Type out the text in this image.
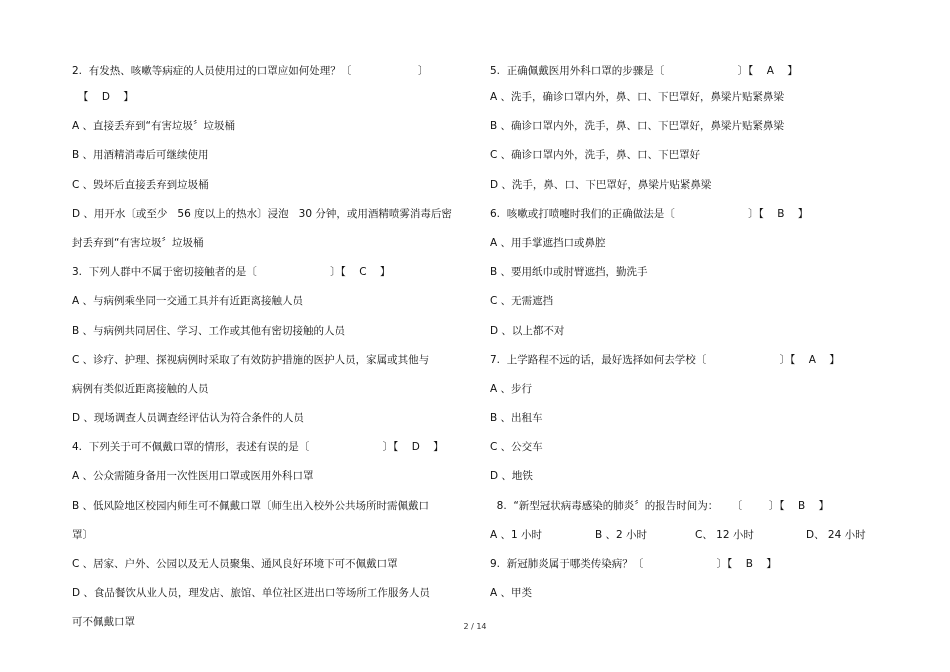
2.  有发热、咳嗽等病症的人员使用过的口罩应如何处理？〔                    〕
【    D    】
A 、直接丢弃到“有害垃圾〞垃圾桶
B 、用酒精消毒后可继续使用
C 、毁坏后直接丢弃到垃圾桶
D 、用开水〔或至少   56 度以上的热水〕浸泡   30 分钟，或用酒精喷雾消毒后密
封丢弃到“有害垃圾〞垃圾桶
3.  下列人群中不属于密切接触者的是〔                      〕【    C    】
A 、与病例乘坐同一交通工具并有近距离接触人员
B 、与病例共同居住、学习、工作或其他有密切接触的人员
C 、诊疗、护理、探视病例时采取了有效防护措施的医护人员，家属或其他与
病例有类似近距离接触的人员
D 、现场调查人员调查经评估认为符合条件的人员
4.  下列关于可不佩戴口罩的情形，表述有误的是〔                      〕【    D    】
A 、公众需随身备用一次性医用口罩或医用外科口罩
B 、低风险地区校园内师生可不佩戴口罩〔师生出入校外公共场所时需佩戴口
罩〕
C 、居家、户外、公园以及无人员聚集、通风良好环境下可不佩戴口罩
D 、食品餐饮从业人员，理发店、旅馆、单位社区进出口等场所工作服务人员
可不佩戴口罩
5.  正确佩戴医用外科口罩的步骤是〔                      〕【    A    】
A 、洗手，确诊口罩内外，鼻、口、下巴罩好，鼻梁片贴紧鼻梁
B 、确诊口罩内外，洗手，鼻、口、下巴罩好，鼻梁片贴紧鼻梁
C 、确诊口罩内外，洗手，鼻、口、下巴罩好
D 、洗手，鼻、口、下巴罩好，鼻梁片贴紧鼻梁
6.  咳嗽或打喷嚏时我们的正确做法是〔                      〕【    B    】
A 、用手掌遮挡口或鼻腔
B 、要用纸巾或肘臂遮挡，勤洗手
C 、无需遮挡
D 、以上都不对
7.  上学路程不远的话，最好选择如何去学校〔                      〕【    A    】
A 、步行
B 、出租车
C 、公交车
D 、地铁
8.  “新型冠状病毒感染的肺炎〞的报告时间为：    〔        〕【    B    】
A 、1 小时	B 、2 小时	C、 12 小时	D、 24 小时
9.  新冠肺炎属于哪类传染病？〔                      〕【    B    】
A 、甲类
2 / 14
